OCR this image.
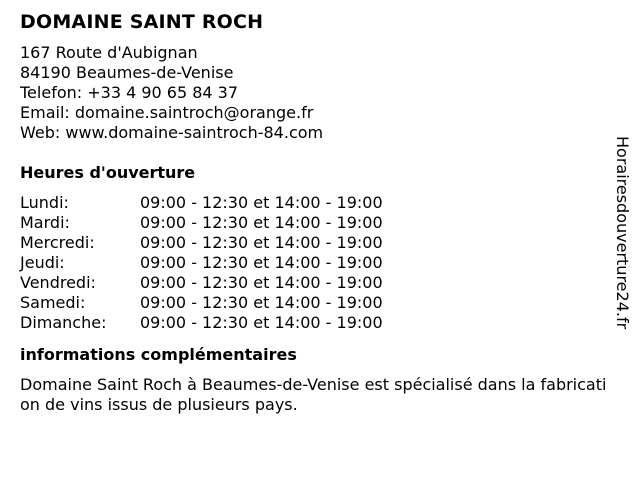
DOMAINE SAINT ROCH
167 Route d'Aubignan
84190 Beaumes-de-Venise
Telefon: +33 4 90 65 84 37
Email: domaine.saintroch@orange.fr
Web: www.domaine-saintroch-84.com
Heures d'ouverture
Lundi:	09:00 - 12:30 et 14:00 - 19:00
Mardi:	09:00 - 12:30 et 14:00 - 19:00
Mercredi:	09:00 - 12:30 et 14:00 - 19:00
Jeudi:	09:00 - 12:30 et 14:00 - 19:00
Vendredi:	09:00 - 12:30 et 14:00 - 19:00
Samedi:	09:00 - 12:30 et 14:00 - 19:00
Dimanche: 09:00 - 12:30 et 14:00 - 19:00
informations complémentaires
Domaine Saint Roch à Beaumes-de-Venise est spécialisé dans la fabrication de vins issus de plusieurs pays.
Horairesdouverture24.fr
